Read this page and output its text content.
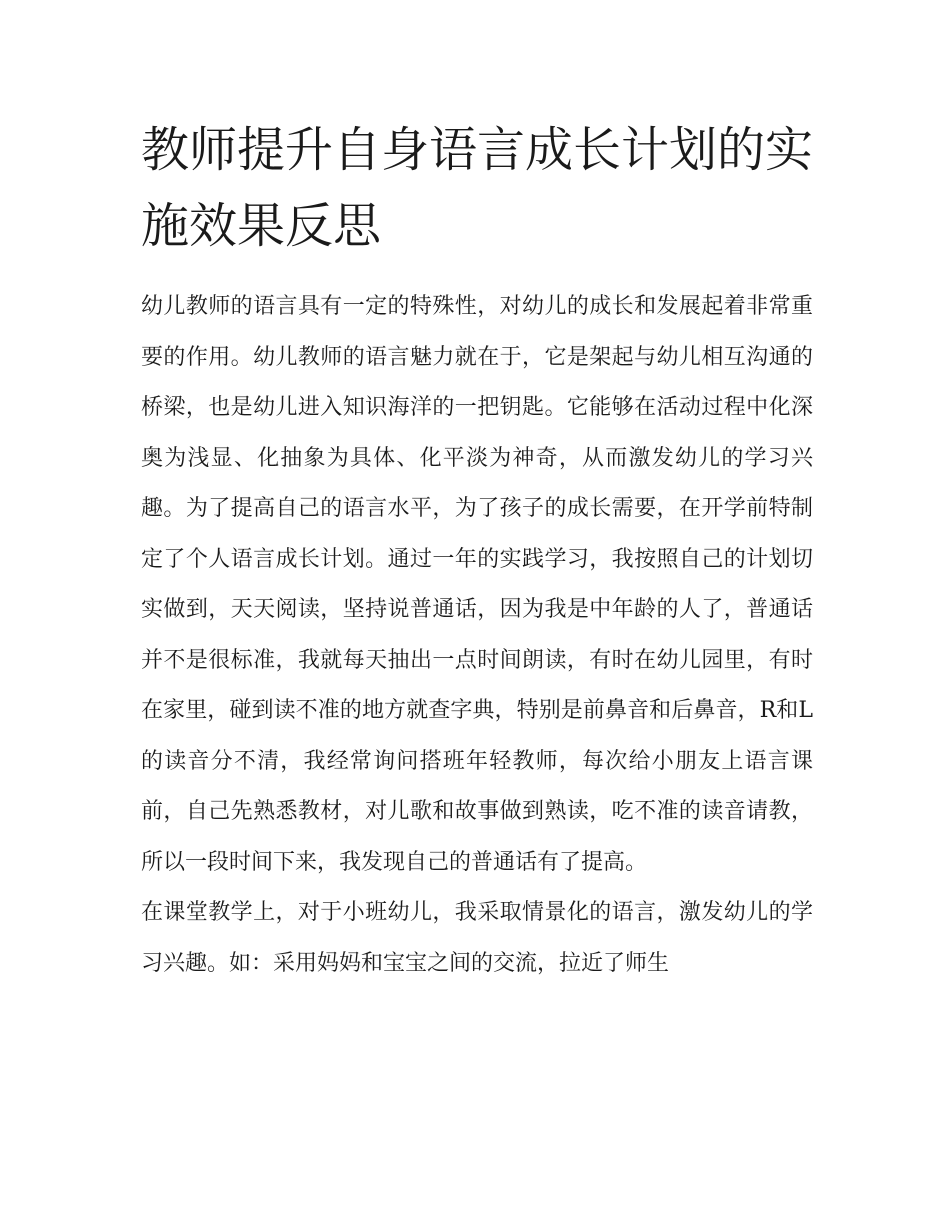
教师提升自身语言成长计划的实施效果反思

幼儿教师的语言具有一定的特殊性，对幼儿的成长和发展起着非常重要的作用。幼儿教师的语言魅力就在于，它是架起与幼儿相互沟通的桥梁，也是幼儿进入知识海洋的一把钥匙。它能够在活动过程中化深奥为浅显、化抽象为具体、化平淡为神奇，从而激发幼儿的学习兴趣。为了提高自己的语言水平，为了孩子的成长需要，在开学前特制定了个人语言成长计划。通过一年的实践学习，我按照自己的计划切实做到，天天阅读，坚持说普通话，因为我是中年龄的人了，普通话并不是很标准，我就每天抽出一点时间朗读，有时在幼儿园里，有时在家里，碰到读不准的地方就查字典，特别是前鼻音和后鼻音，R和L的读音分不清，我经常询问搭班年轻教师，每次给小朋友上语言课前，自己先熟悉教材，对儿歌和故事做到熟读，吃不准的读音请教，所以一段时间下来，我发现自己的普通话有了提高。

在课堂教学上，对于小班幼儿，我采取情景化的语言，激发幼儿的学习兴趣。如：采用妈妈和宝宝之间的交流，拉近了师生
